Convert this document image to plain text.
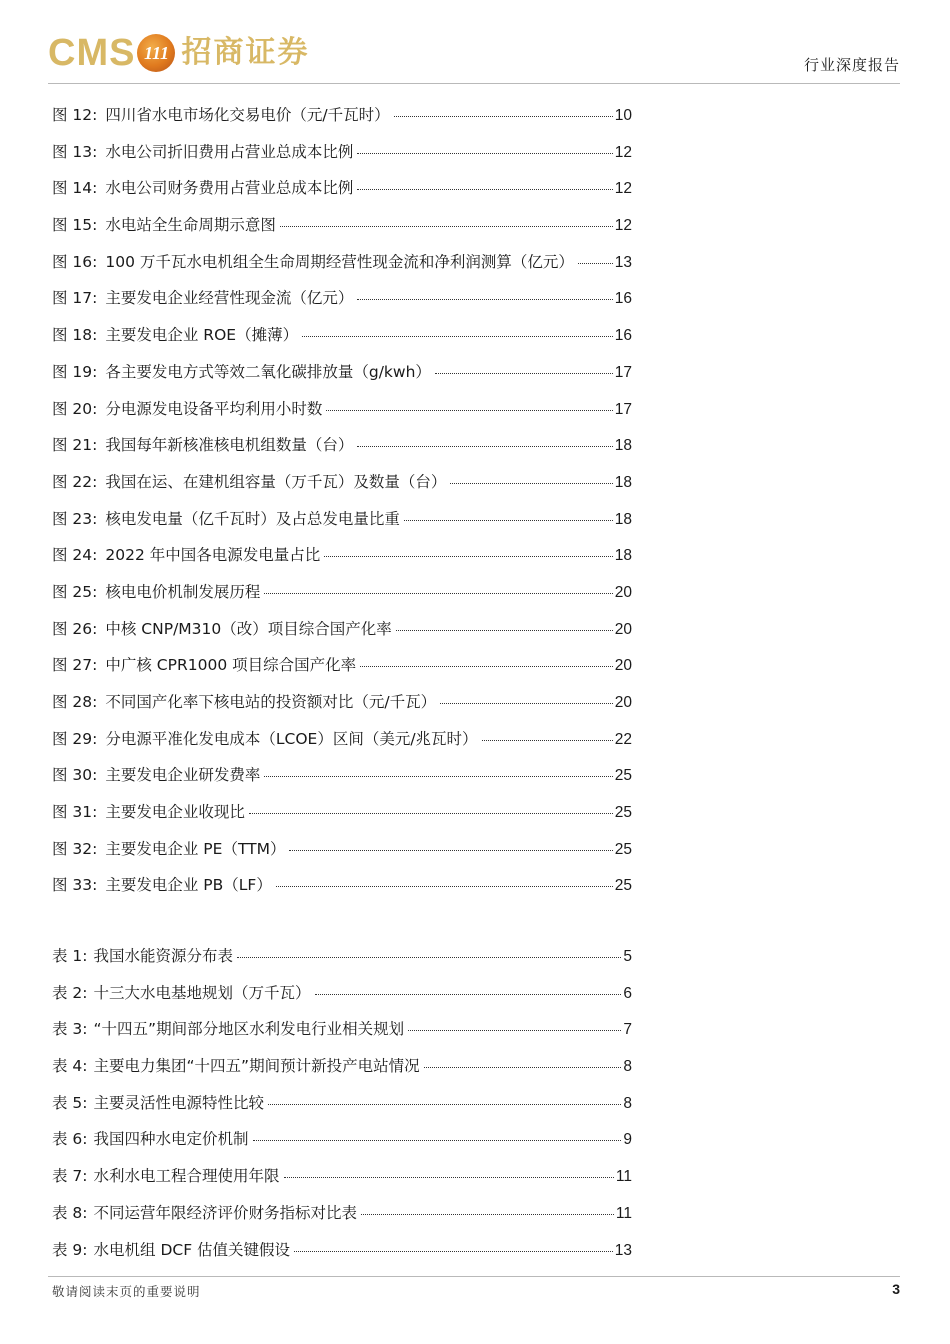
CMS 111 招商证券	行业深度报告
图 12: 四川省水电市场化交易电价（元/千瓦时）	10
图 13: 水电公司折旧费用占营业总成本比例	12
图 14: 水电公司财务费用占营业总成本比例	12
图 15: 水电站全生命周期示意图	12
图 16: 100 万千瓦水电机组全生命周期经营性现金流和净利润测算（亿元）	13
图 17: 主要发电企业经营性现金流（亿元）	16
图 18: 主要发电企业 ROE（摊薄）	16
图 19: 各主要发电方式等效二氧化碳排放量（g/kwh）	17
图 20: 分电源发电设备平均利用小时数	17
图 21: 我国每年新核准核电机组数量（台）	18
图 22: 我国在运、在建机组容量（万千瓦）及数量（台）	18
图 23: 核电发电量（亿千瓦时）及占总发电量比重	18
图 24: 2022 年中国各电源发电量占比	18
图 25: 核电电价机制发展历程	20
图 26: 中核 CNP/M310（改）项目综合国产化率	20
图 27: 中广核 CPR1000 项目综合国产化率	20
图 28: 不同国产化率下核电站的投资额对比（元/千瓦）	20
图 29: 分电源平准化发电成本（LCOE）区间（美元/兆瓦时）	22
图 30: 主要发电企业研发费率	25
图 31: 主要发电企业收现比	25
图 32: 主要发电企业 PE（TTM）	25
图 33: 主要发电企业 PB（LF）	25
表 1: 我国水能资源分布表	5
表 2: 十三大水电基地规划（万千瓦）	6
表 3: “十四五”期间部分地区水利发电行业相关规划	7
表 4: 主要电力集团“十四五”期间预计新投产电站情况	8
表 5: 主要灵活性电源特性比较	8
表 6: 我国四种水电定价机制	9
表 7: 水利水电工程合理使用年限	11
表 8: 不同运营年限经济评价财务指标对比表	11
表 9: 水电机组 DCF 估值关键假设	13
敬请阅读末页的重要说明	3
